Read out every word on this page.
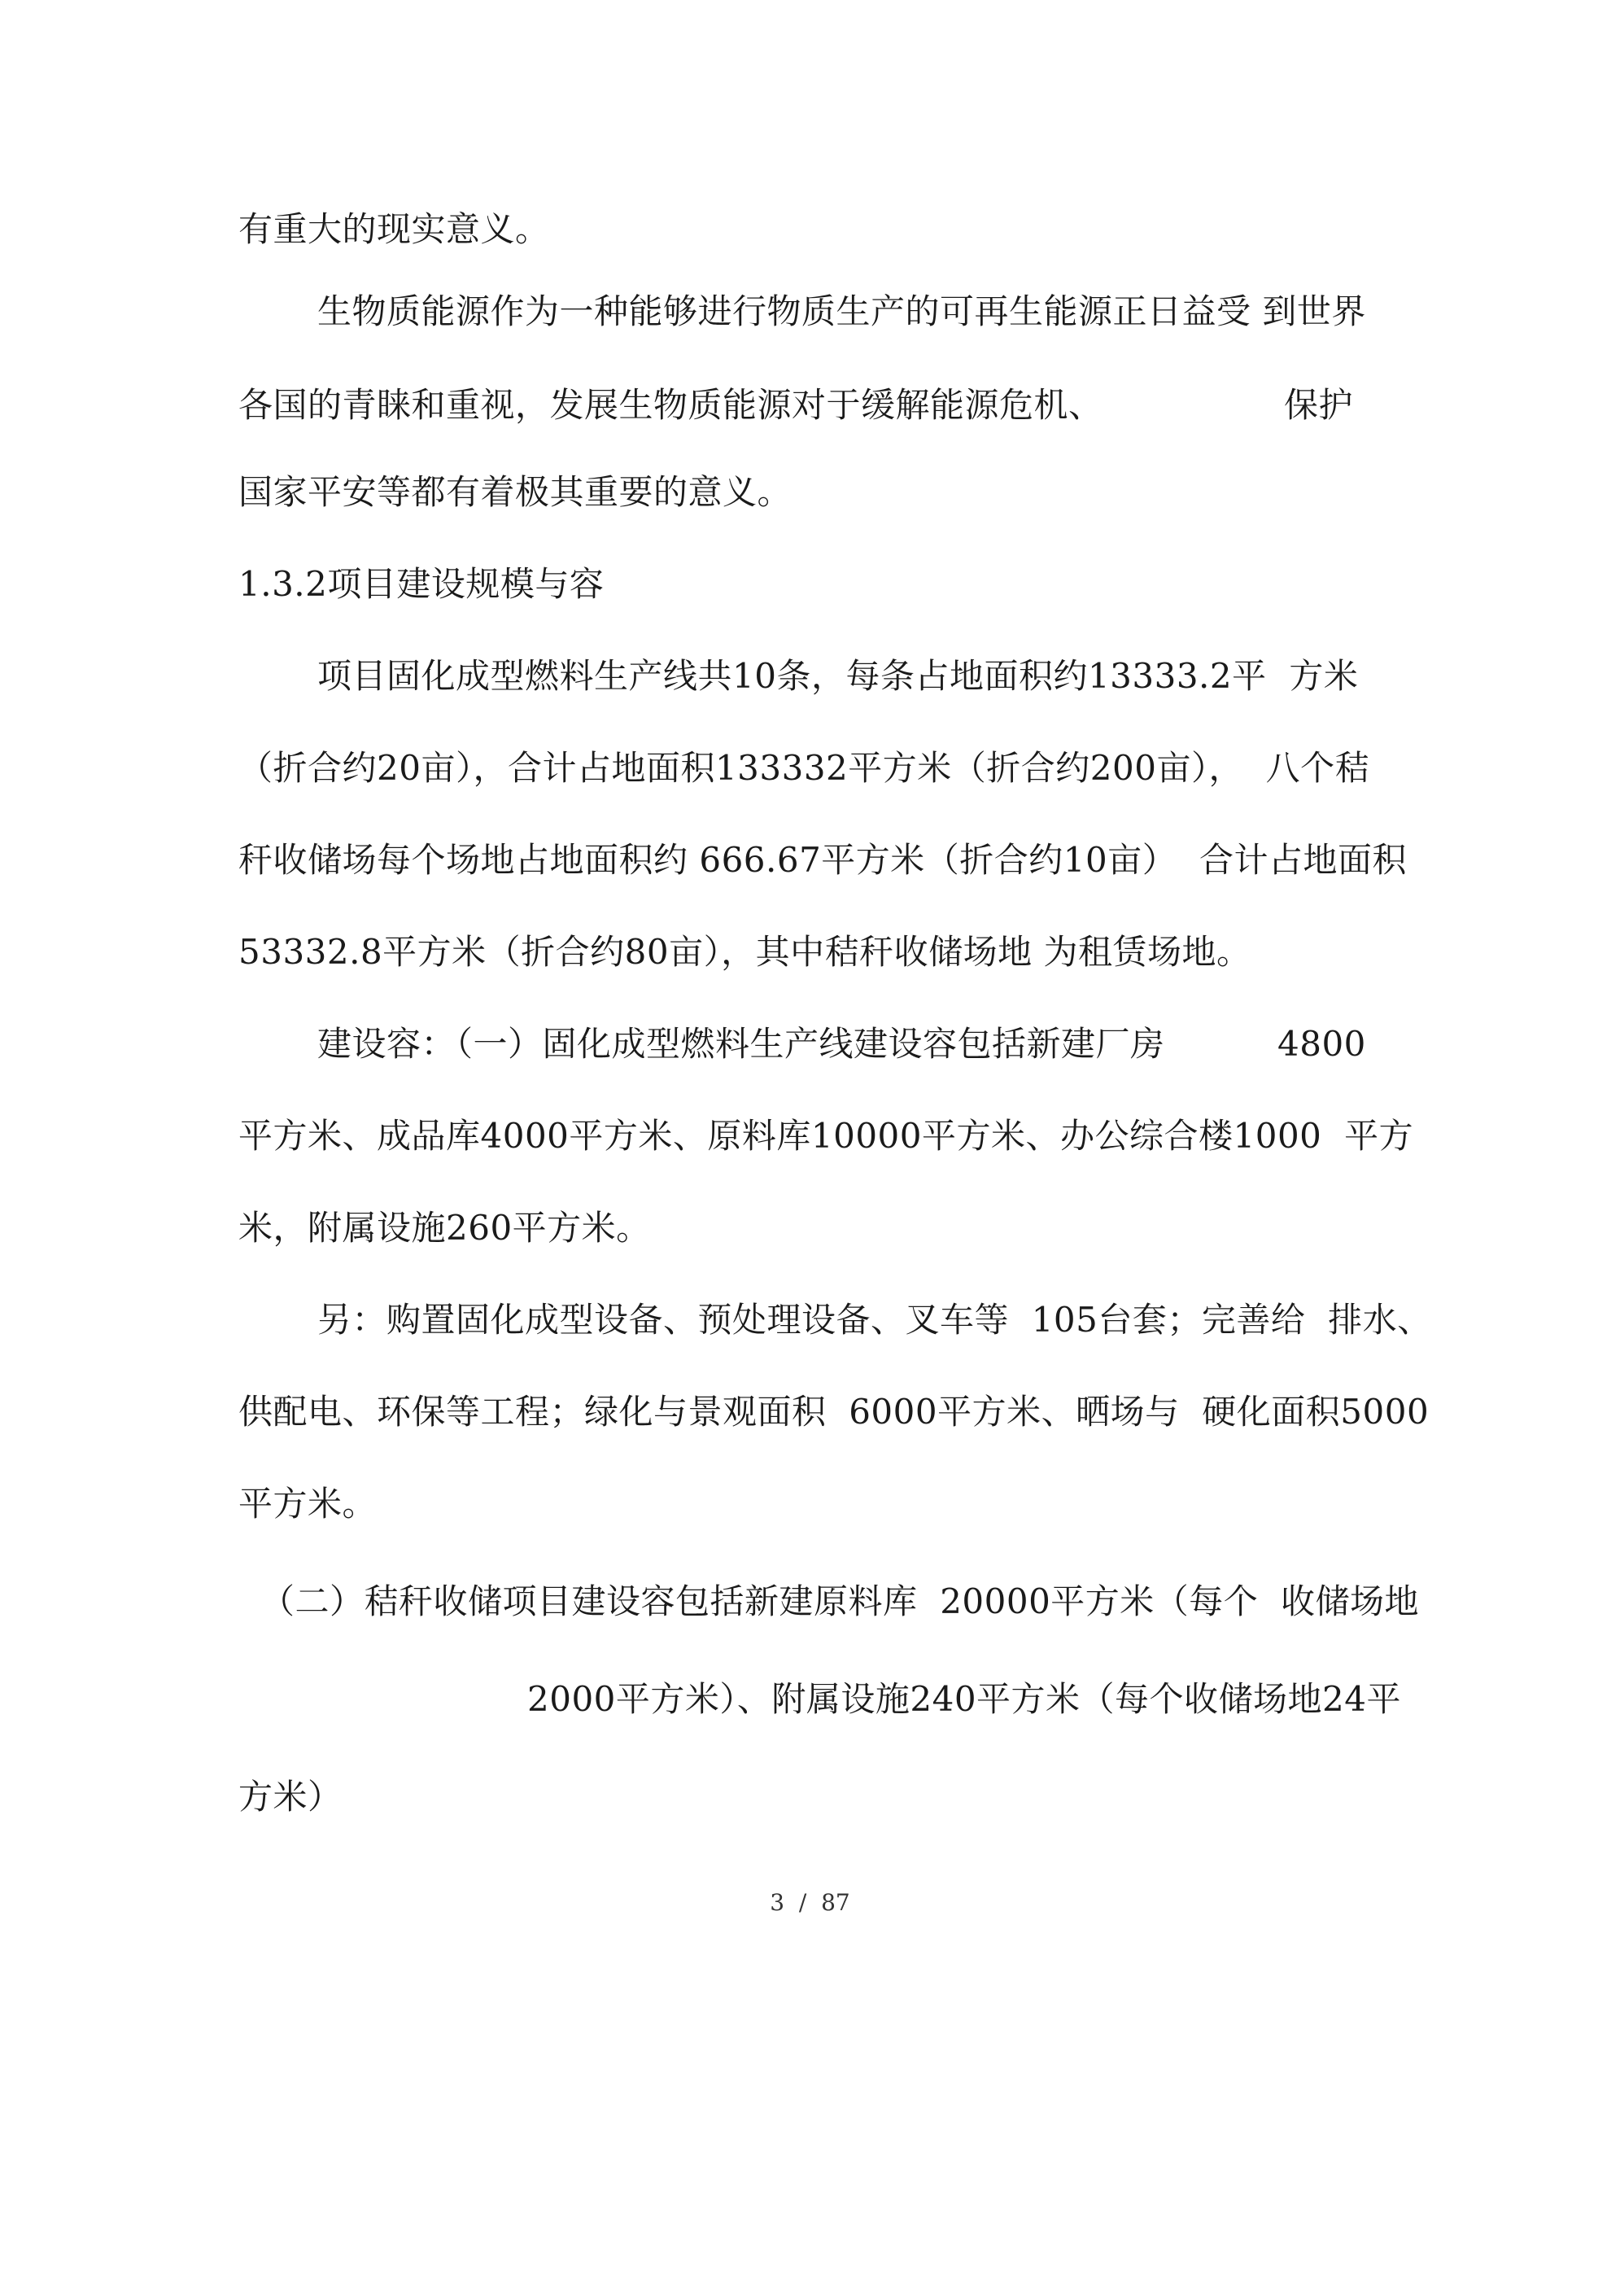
有重大的现实意义。
生物质能源作为一种能够进行物质生产的可再生能源正日益受 到世界
各国的青睐和重视，发展生物质能源对于缓解能源危机、	保护
国家平安等都有着极其重要的意义。
1.3.2项目建设规模与容
项目固化成型燃料生产线共10条，每条占地面积约13333.2平  方米
（折合约20亩），合计占地面积133332平方米（折合约200亩），  八个秸
秆收储场每个场地占地面积约 666.67平方米（折合约10亩）  合计占地面积
53332.8平方米（折合约80亩），其中秸秆收储场地 为租赁场地。
建设容：（一）固化成型燃料生产线建设容包括新建厂房	4800
平方米、成品库4000平方米、原料库10000平方米、办公综合楼1000  平方
米，附属设施260平方米。
另：购置固化成型设备、预处理设备、叉车等  105台套；完善给  排水、
供配电、环保等工程；绿化与景观面积  6000平方米、晒场与  硬化面积5000
平方米。
（二）秸秆收储项目建设容包括新建原料库  20000平方米（每个  收储场地
2000平方米）、附属设施240平方米（每个收储场地24平
方米）
3  /  87
